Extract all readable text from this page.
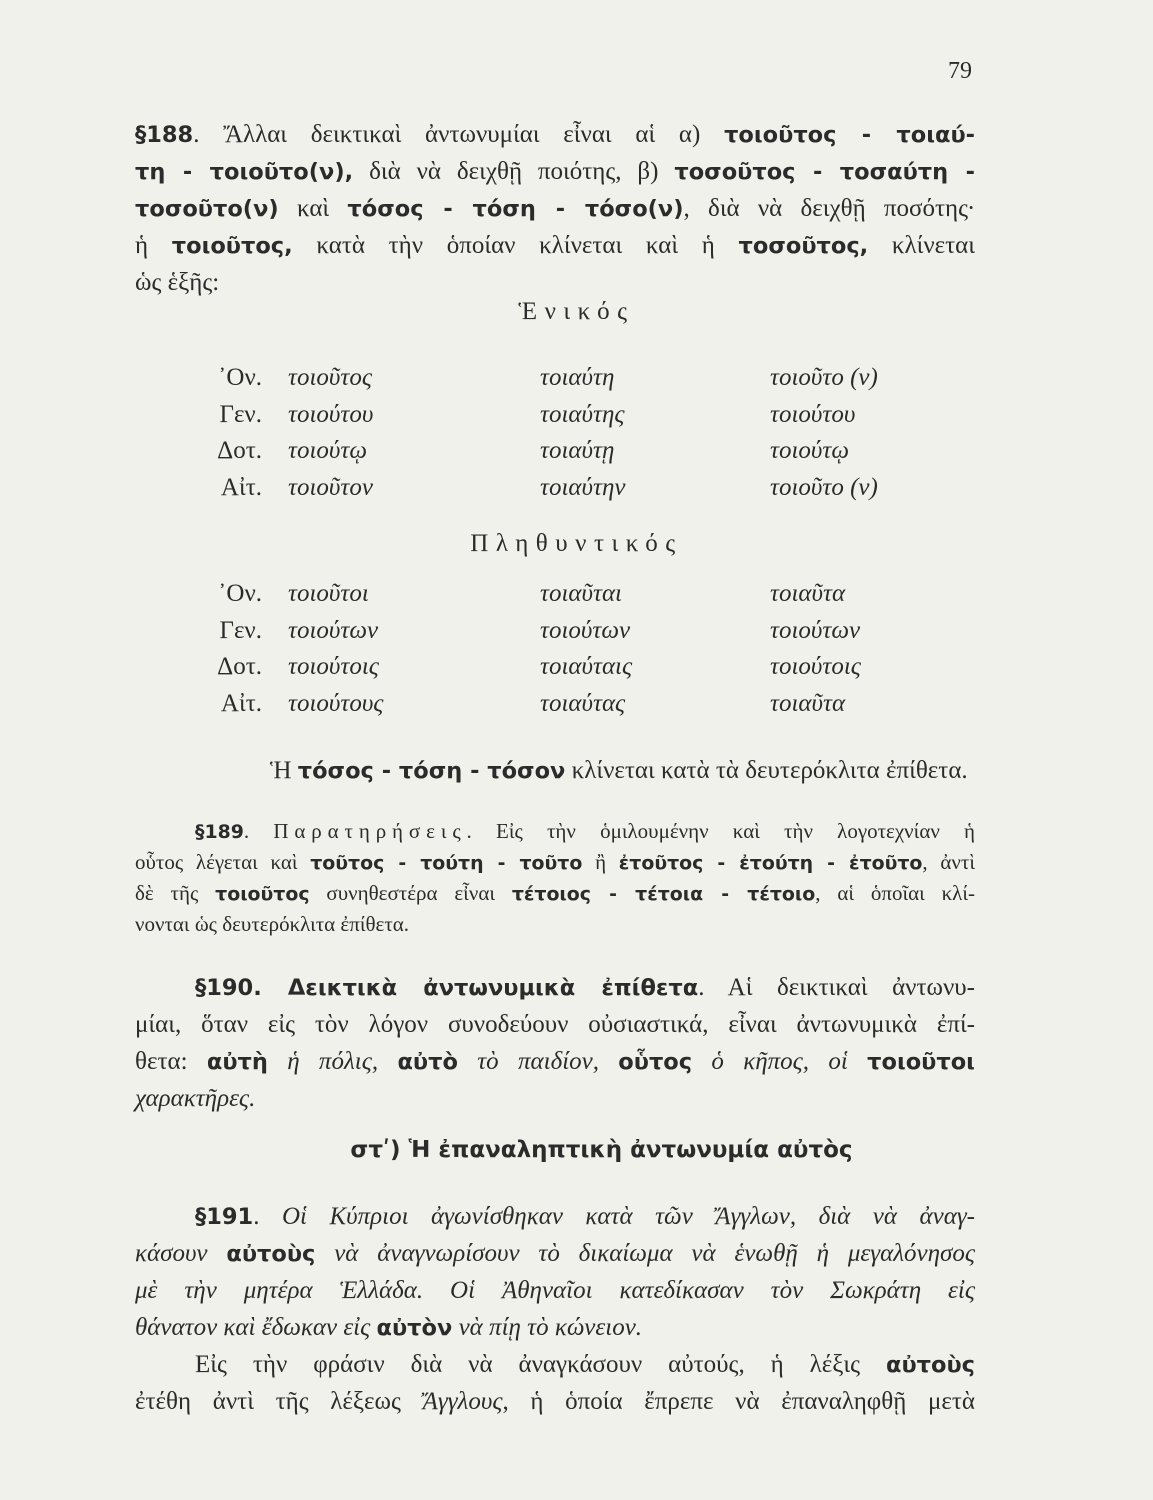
79
§188. Ἄλλαι δεικτικαὶ ἀντωνυμίαι εἶναι αἱ α) τοιοῦτος - τοιαύ-
τη - τοιοῦτο(ν), διὰ νὰ δειχθῇ ποιότης, β) τοσοῦτος - τοσαύτη -
τοσοῦτο(ν) καὶ τόσος - τόση - τόσο(ν), διὰ νὰ δειχθῇ ποσότης·
ἡ τοιοῦτος, κατὰ τὴν ὁποίαν κλίνεται καὶ ἡ τοσοῦτος, κλίνεται
ὡς ἑξῆς:
Ἑνικός
᾿Ον. τοιοῦτος	τοιαύτη	τοιοῦτο (ν)
Γεν. τοιούτου	τοιαύτης	τοιούτου
Δοτ. τοιούτῳ	τοιαύτῃ	τοιούτῳ
Αἰτ. τοιοῦτον	τοιαύτην	τοιοῦτο (ν)
Πληθυντικός
᾿Ον. τοιοῦτοι	τοιαῦται	τοιαῦτα
Γεν. τοιούτων	τοιούτων	τοιούτων
Δοτ. τοιούτοις	τοιαύταις	τοιούτοις
Αἰτ. τοιούτους	τοιαύτας	τοιαῦτα
Ἡ τόσος - τόση - τόσον κλίνεται κατὰ τὰ δευτερόκλιτα ἐπίθετα.
§189. Παρατηρήσεις. Εἰς τὴν ὁμιλουμένην καὶ τὴν λογοτεχνίαν ἡ
οὗτος λέγεται καὶ τοῦτος - τούτη - τοῦτο ἢ ἐτοῦτος - ἐτούτη - ἐτοῦτο, ἀντὶ
δὲ τῆς τοιοῦτος συνηθεστέρα εἶναι τέτοιος - τέτοια - τέτοιο, αἱ ὁποῖαι κλί-
νονται ὡς δευτερόκλιτα ἐπίθετα.
§190. Δεικτικὰ ἀντωνυμικὰ ἐπίθετα. Αἱ δεικτικαὶ ἀντωνυ-
μίαι, ὅταν εἰς τὸν λόγον συνοδεύουν οὐσιαστικά, εἶναι ἀντωνυμικὰ ἐπί-
θετα: αὐτὴ ἡ πόλις, αὐτὸ τὸ παιδίον, οὗτος ὁ κῆπος, οἱ τοιοῦτοι
χαρακτῆρες.
στʹ) Ἡ ἐπαναληπτικὴ ἀντωνυμία αὐτὸς
§191. Οἱ Κύπριοι ἀγωνίσθηκαν κατὰ τῶν Ἄγγλων, διὰ νὰ ἀναγ-
κάσουν αὐτοὺς νὰ ἀναγνωρίσουν τὸ δικαίωμα νὰ ἑνωθῇ ἡ μεγαλόνησος
μὲ τὴν μητέρα Ἑλλάδα. Οἱ Ἀθηναῖοι κατεδίκασαν τὸν Σωκράτη εἰς
θάνατον καὶ ἔδωκαν εἰς αὐτὸν νὰ πίῃ τὸ κώνειον.
Εἰς τὴν φράσιν διὰ νὰ ἀναγκάσουν αὐτούς, ἡ λέξις αὐτοὺς
ἐτέθη ἀντὶ τῆς λέξεως Ἄγγλους, ἡ ὁποία ἔπρεπε νὰ ἐπαναληφθῇ μετὰ
